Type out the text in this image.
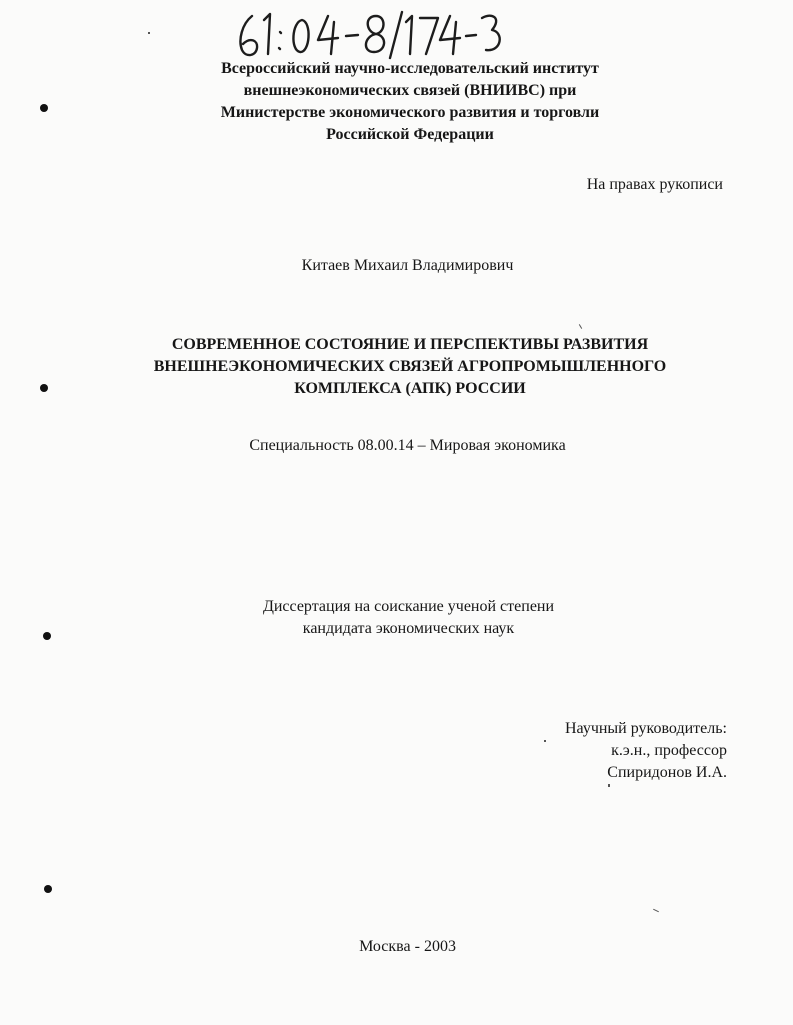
Всероссийский научно-исследовательский институт
внешнеэкономических связей (ВНИИВС) при
Министерстве экономического развития и торговли
Российской Федерации
На правах рукописи
Китаев Михаил Владимирович
СОВРЕМЕННОЕ СОСТОЯНИЕ И ПЕРСПЕКТИВЫ РАЗВИТИЯ
ВНЕШНЕЭКОНОМИЧЕСКИХ СВЯЗЕЙ АГРОПРОМЫШЛЕННОГО
КОМПЛЕКСА (АПК) РОССИИ
Специальность 08.00.14 – Мировая экономика
Диссертация на соискание ученой степени
кандидата экономических наук
Научный руководитель:
к.э.н., профессор
Спиридонов И.А.
Москва - 2003
